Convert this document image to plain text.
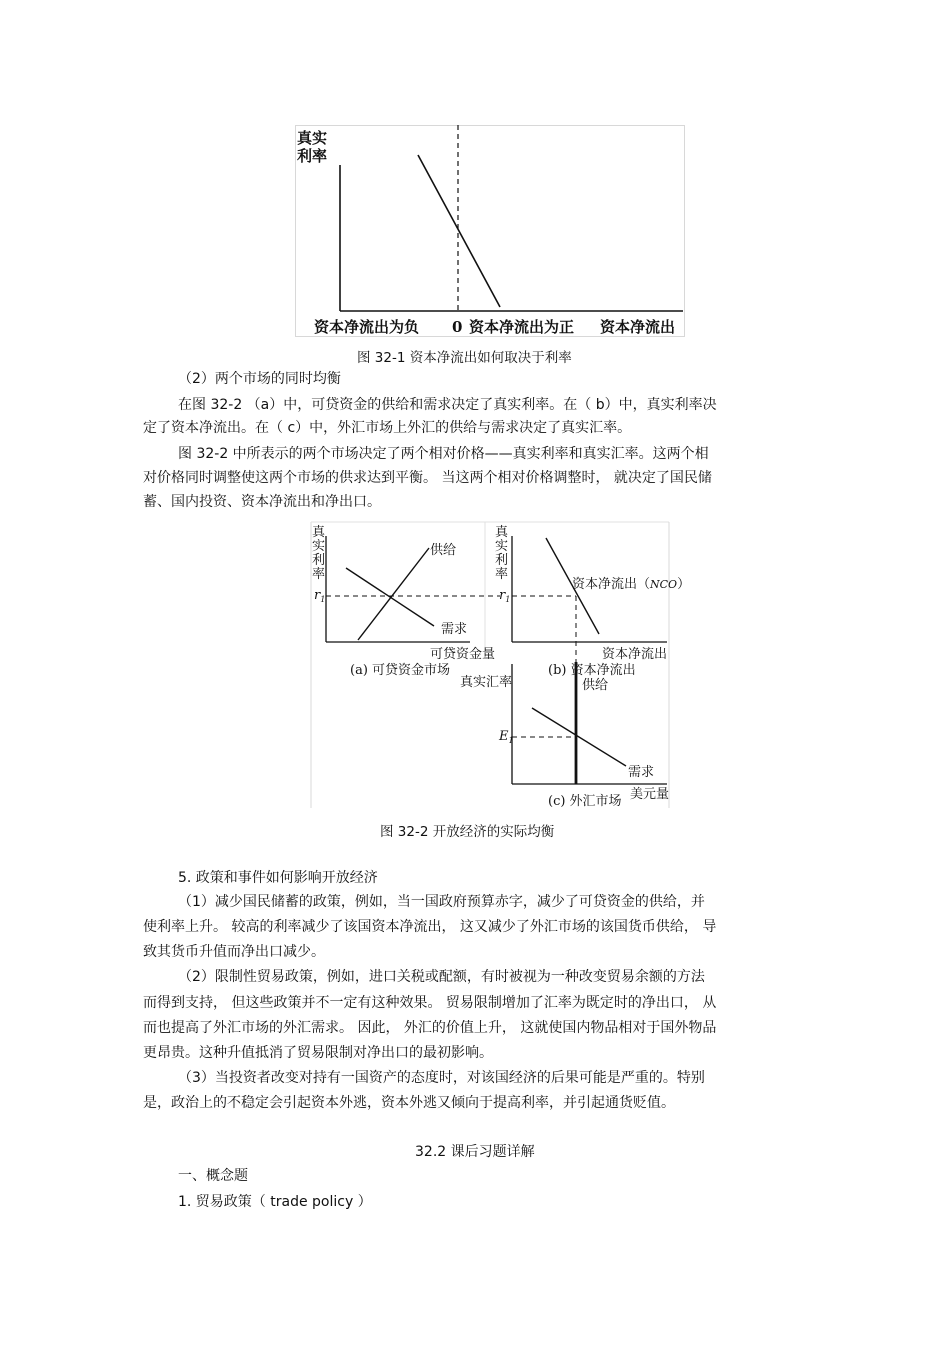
真实
利率
资本净流出为负 0 资本净流出为正 资本净流出
图 32-1 资本净流出如何取决于利率
（2）两个市场的同时均衡
在图 32-2 （a）中，可贷资金的供给和需求决定了真实利率。在（ b）中，真实利率决
定了资本净流出。在（ c）中，外汇市场上外汇的供给与需求决定了真实汇率。
图 32-2 中所表示的两个市场决定了两个相对价格——真实利率和真实汇率。这两个相
对价格同时调整使这两个市场的供求达到平衡。 当这两个相对价格调整时， 就决定了国民储
蓄、国内投资、资本净流出和净出口。
真
实
利
率
$r_1$
供给
需求
可贷资金量
(a) 可贷资金市场
真
实
利
率
$r_1$
资本净流出（NCO）
资本净流出
(b) 资本净流出
真实汇率	供给
$E_1$
需求
美元量
(c) 外汇市场
图 32-2 开放经济的实际均衡
5. 政策和事件如何影响开放经济
（1）减少国民储蓄的政策，例如，当一国政府预算赤字，减少了可贷资金的供给，并
使利率上升。 较高的利率减少了该国资本净流出， 这又减少了外汇市场的该国货币供给， 导
致其货币升值而净出口减少。
（2）限制性贸易政策，例如，进口关税或配额，有时被视为一种改变贸易余额的方法
而得到支持， 但这些政策并不一定有这种效果。 贸易限制增加了汇率为既定时的净出口， 从
而也提高了外汇市场的外汇需求。 因此， 外汇的价值上升， 这就使国内物品相对于国外物品
更昂贵。这种升值抵消了贸易限制对净出口的最初影响。
（3）当投资者改变对持有一国资产的态度时，对该国经济的后果可能是严重的。特别
是，政治上的不稳定会引起资本外逃，资本外逃又倾向于提高利率，并引起通货贬值。
32.2 课后习题详解
一、概念题
1. 贸易政策（ trade policy ）
